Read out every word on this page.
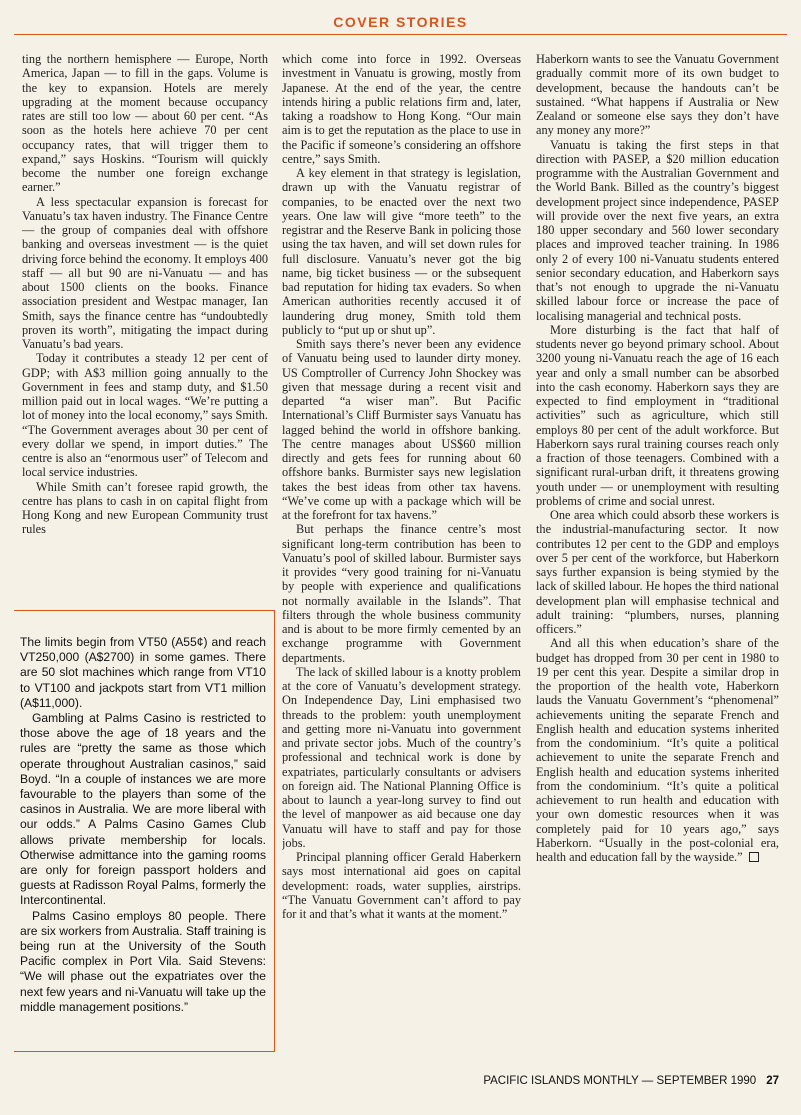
COVER STORIES

ting the northern hemisphere — Europe, North America, Japan — to fill in the gaps. Volume is the key to expansion. Hotels are merely upgrading at the moment because occupancy rates are still too low — about 60 per cent. “As soon as the hotels here achieve 70 per cent occupancy rates, that will trigger them to expand,” says Hoskins. “Tourism will quickly become the number one foreign exchange earner.”

A less spectacular expansion is forecast for Vanuatu’s tax haven industry. The Finance Centre — the group of companies deal with offshore banking and overseas investment — is the quiet driving force behind the economy. It employs 400 staff — all but 90 are ni-Vanuatu — and has about 1500 clients on the books. Finance association president and Westpac manager, Ian Smith, says the finance centre has “undoubtedly proven its worth”, mitigating the impact during Vanuatu’s bad years.

Today it contributes a steady 12 per cent of GDP; with A$3 million going annually to the Government in fees and stamp duty, and $1.50 million paid out in local wages. “We’re putting a lot of money into the local economy,” says Smith. “The Government averages about 30 per cent of every dollar we spend, in import duties.” The centre is also an “enormous user” of Telecom and local service industries.

While Smith can’t foresee rapid growth, the centre has plans to cash in on capital flight from Hong Kong and new European Community trust rules

The limits begin from VT50 (A55¢) and reach VT250,000 (A$2700) in some games. There are 50 slot machines which range from VT10 to VT100 and jackpots start from VT1 million (A$11,000).

Gambling at Palms Casino is restricted to those above the age of 18 years and the rules are “pretty the same as those which operate throughout Australian casinos,” said Boyd. “In a couple of instances we are more favourable to the players than some of the casinos in Australia. We are more liberal with our odds.” A Palms Casino Games Club allows private membership for locals. Otherwise admittance into the gaming rooms are only for foreign passport holders and guests at Radisson Royal Palms, formerly the Intercontinental.

Palms Casino employs 80 people. There are six workers from Australia. Staff training is being run at the University of the South Pacific complex in Port Vila. Said Stevens: “We will phase out the expatriates over the next few years and ni-Vanuatu will take up the middle management positions.”

which come into force in 1992. Overseas investment in Vanuatu is growing, mostly from Japanese. At the end of the year, the centre intends hiring a public relations firm and, later, taking a roadshow to Hong Kong. “Our main aim is to get the reputation as the place to use in the Pacific if someone’s considering an offshore centre,” says Smith.

A key element in that strategy is legislation, drawn up with the Vanuatu registrar of companies, to be enacted over the next two years. One law will give “more teeth” to the registrar and the Reserve Bank in policing those using the tax haven, and will set down rules for full disclosure. Vanuatu’s never got the big name, big ticket business — or the subsequent bad reputation for hiding tax evaders. So when American authorities recently accused it of laundering drug money, Smith told them publicly to “put up or shut up”.

Smith says there’s never been any evidence of Vanuatu being used to launder dirty money. US Comptroller of Currency John Shockey was given that message during a recent visit and departed “a wiser man”. But Pacific International’s Cliff Burmister says Vanuatu has lagged behind the world in offshore banking. The centre manages about US$60 million directly and gets fees for running about 60 offshore banks. Burmister says new legislation takes the best ideas from other tax havens. “We’ve come up with a package which will be at the forefront for tax havens.”

But perhaps the finance centre’s most significant long-term contribution has been to Vanuatu’s pool of skilled labour. Burmister says it provides “very good training for ni-Vanuatu by people with experience and qualifications not normally available in the Islands”. That filters through the whole business community and is about to be more firmly cemented by an exchange programme with Government departments.

The lack of skilled labour is a knotty problem at the core of Vanuatu’s development strategy. On Independence Day, Lini emphasised two threads to the problem: youth unemployment and getting more ni-Vanuatu into government and private sector jobs. Much of the country’s professional and technical work is done by expatriates, particularly consultants or advisers on foreign aid. The National Planning Office is about to launch a year-long survey to find out the level of manpower as aid because one day Vanuatu will have to staff and pay for those jobs.

Principal planning officer Gerald Haberkern says most international aid goes on capital development: roads, water supplies, airstrips. “The Vanuatu Government can’t afford to pay for it and that’s what it wants at the moment.”

Haberkorn wants to see the Vanuatu Government gradually commit more of its own budget to development, because the handouts can’t be sustained. “What happens if Australia or New Zealand or someone else says they don’t have any money any more?”

Vanuatu is taking the first steps in that direction with PASEP, a $20 million education programme with the Australian Government and the World Bank. Billed as the country’s biggest development project since independence, PASEP will provide over the next five years, an extra 180 upper secondary and 560 lower secondary places and improved teacher training. In 1986 only 2 of every 100 ni-Vanuatu students entered senior secondary education, and Haberkorn says that’s not enough to upgrade the ni-Vanuatu skilled labour force or increase the pace of localising managerial and technical posts.

More disturbing is the fact that half of students never go beyond primary school. About 3200 young ni-Vanuatu reach the age of 16 each year and only a small number can be absorbed into the cash economy. Haberkorn says they are expected to find employment in “traditional activities” such as agriculture, which still employs 80 per cent of the adult workforce. But Haberkorn says rural training courses reach only a fraction of those teenagers. Combined with a significant rural-urban drift, it threatens growing youth under — or unemployment with resulting problems of crime and social unrest.

One area which could absorb these workers is the industrial-manufacturing sector. It now contributes 12 per cent to the GDP and employs over 5 per cent of the workforce, but Haberkorn says further expansion is being stymied by the lack of skilled labour. He hopes the third national development plan will emphasise technical and adult training: “plumbers, nurses, planning officers.”

And all this when education’s share of the budget has dropped from 30 per cent in 1980 to 19 per cent this year. Despite a similar drop in the proportion of the health vote, Haberkorn lauds the Vanuatu Government’s “phenomenal” achievements uniting the separate French and English health and education systems inherited from the condominium. “It’s quite a political achievement to unite the separate French and English health and education systems inherited from the condominium. “It’s quite a political achievement to run health and education with your own domestic resources when it was completely paid for 10 years ago,” says Haberkorn. “Usually in the post-colonial era, health and education fall by the wayside.”

PACIFIC ISLANDS MONTHLY — SEPTEMBER 1990 27
